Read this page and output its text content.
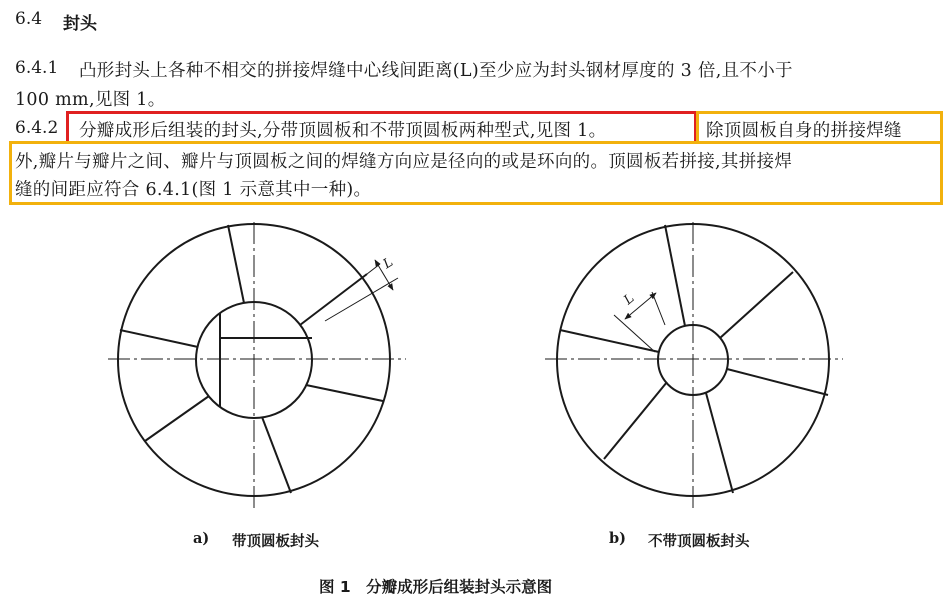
6.4 封头
6.4.1 凸形封头上各种不相交的拼接焊缝中心线间距离(L)至少应为封头钢材厚度的 3 倍,且不小于
100 mm,见图 1。
6.4.2 分瓣成形后组装的封头,分带顶圆板和不带顶圆板两种型式,见图 1。	除顶圆板自身的拼接焊缝
外,瓣片与瓣片之间、瓣片与顶圆板之间的焊缝方向应是径向的或是环向的。顶圆板若拼接,其拼接焊
缝的间距应符合 6.4.1(图 1 示意其中一种)。
L
L
a) 带顶圆板封头	b) 不带顶圆板封头
图 1　分瓣成形后组装封头示意图
